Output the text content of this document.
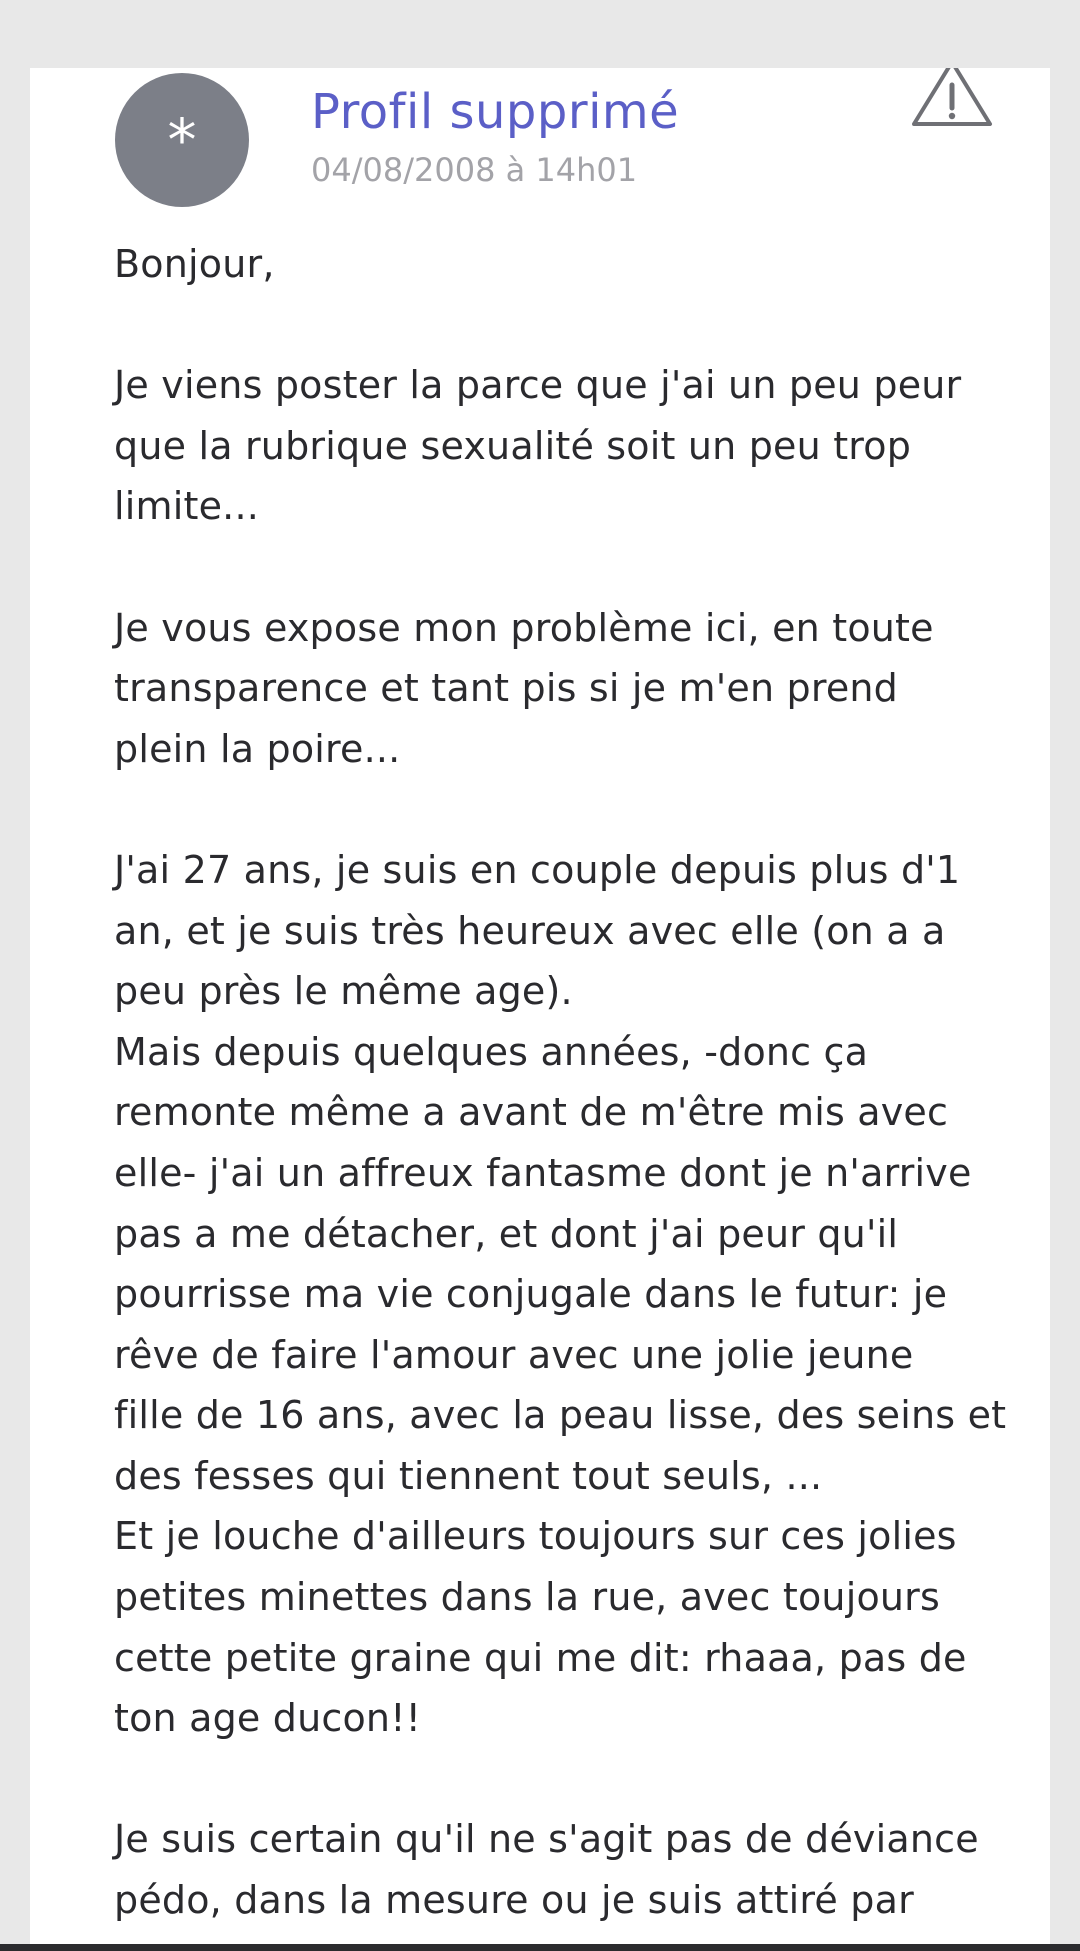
* Profil supprimé
04/08/2008 à 14h01

Bonjour,

Je viens poster la parce que j'ai un peu peur

que la rubrique sexualité soit un peu trop

limite...

Je vous expose mon problème ici, en toute

transparence et tant pis si je m'en prend

plein la poire...

J'ai 27 ans, je suis en couple depuis plus d'1

an, et je suis très heureux avec elle (on a a

peu près le même age).

Mais depuis quelques années, -donc ça

remonte même a avant de m'être mis avec

elle- j'ai un affreux fantasme dont je n'arrive

pas a me détacher, et dont j'ai peur qu'il

pourrisse ma vie conjugale dans le futur: je

rêve de faire l'amour avec une jolie jeune

fille de 16 ans, avec la peau lisse, des seins et

des fesses qui tiennent tout seuls, ...

Et je louche d'ailleurs toujours sur ces jolies

petites minettes dans la rue, avec toujours

cette petite graine qui me dit: rhaaa, pas de

ton age ducon!!

Je suis certain qu'il ne s'agit pas de déviance

pédo, dans la mesure ou je suis attiré par
